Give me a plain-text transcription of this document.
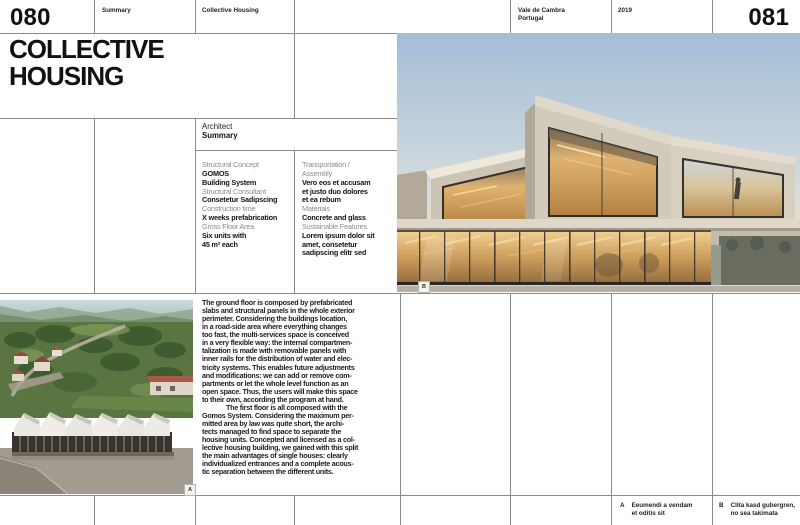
080	Summary	Collective Housing	Vale de Cambra
Portugal
2019	081
COLLECTIVE
HOUSING
Architect
Summary
Structural Concept
GOMOS
Building System
Structural Consultant
Consetetur Sadipscing
Construction time
X weeks prefabrication
Gross Floor Area
Six units with
45 m² each
Transportation /
Assembly
Vero eos et accusam
et justo duo dolores
et ea rebum
Materials
Concrete and glass
Sustainable Features
Lorem ipsum dolor sit
amet, consetetur
sadipscing elitr sed
The ground floor is composed by prefabricated
slabs and structural panels in the whole exterior
perimeter. Considering the buildings location,
in a road-side area where everything changes
too fast, the multi-services space is conceived
in a very flexible way: the internal compartmen-
talization is made with removable panels with
inner rails for the distribution of water and elec-
tricity systems. This enables future adjustments
and modifications: we can add or remove com-
partments or let the whole level function as an
open space. Thus, the users will make this space
to their own, according the program at hand.
The first floor is all composed with the
Gomos System. Considering the maximum per-
mitted area by law was quite short, the archi-
tects managed to find space to separate the
housing units. Concepted and licensed as a col-
lective housing building, we gained with this split
the main advantages of single houses: clearly
individualized entrances and a complete acous-
tic separation between the different units.
B
A
A Eeumendi a vendam
et oditis sit
B Clita kasd gubergren,
no sea takimata
